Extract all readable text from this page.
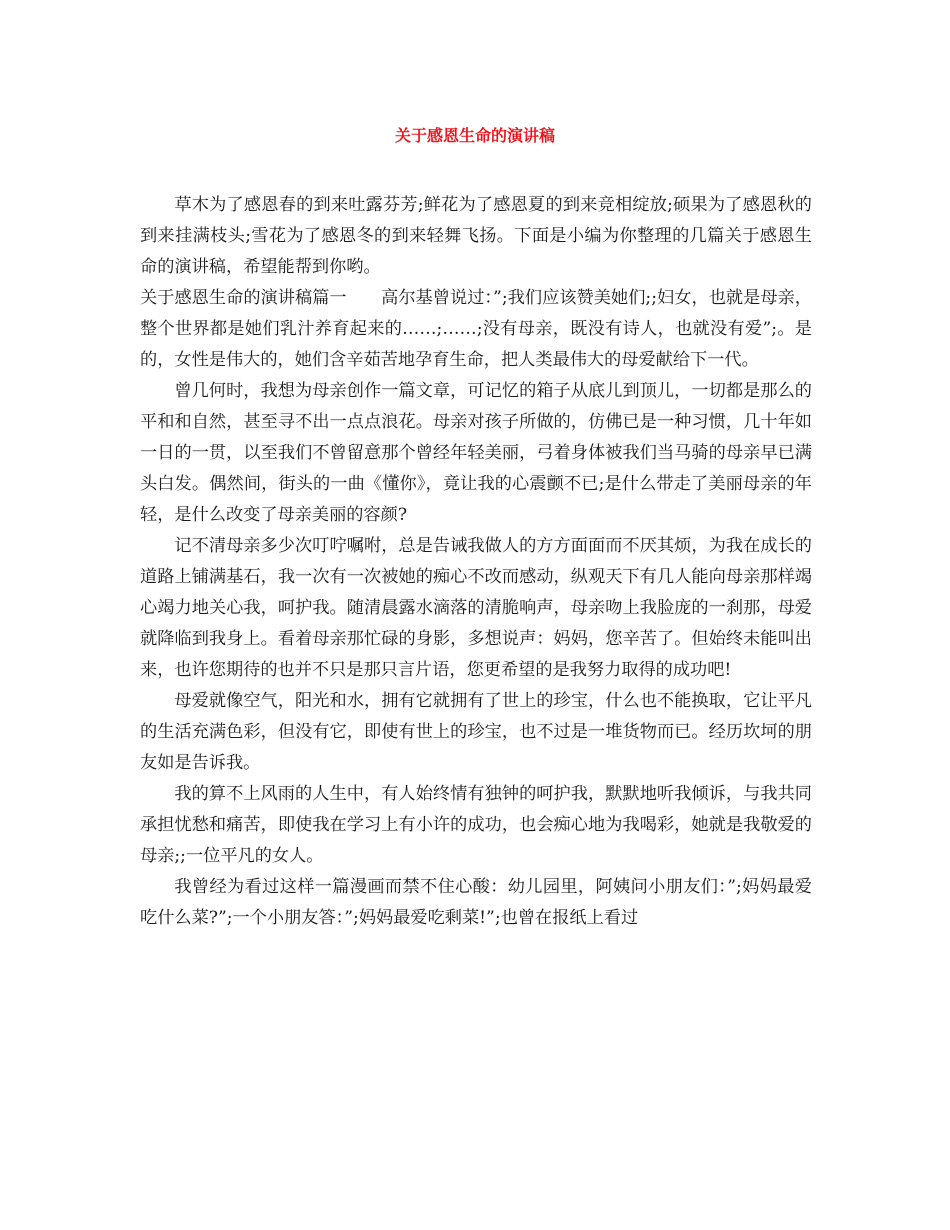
关于感恩生命的演讲稿

草木为了感恩春的到来吐露芬芳;鲜花为了感恩夏的到来竞相绽放;硕果为了感恩秋的到来挂满枝头;雪花为了感恩冬的到来轻舞飞扬。下面是小编为你整理的几篇关于感恩生命的演讲稿，希望能帮到你哟。

关于感恩生命的演讲稿篇一　　高尔基曾说过：”;我们应该赞美她们;;妇女，也就是母亲，整个世界都是她们乳汁养育起来的……;……;没有母亲，既没有诗人，也就没有爱”;。是的，女性是伟大的，她们含辛茹苦地孕育生命，把人类最伟大的母爱献给下一代。

曾几何时，我想为母亲创作一篇文章，可记忆的箱子从底儿到顶儿，一切都是那么的平和和自然，甚至寻不出一点点浪花。母亲对孩子所做的，仿佛已是一种习惯，几十年如一日的一贯，以至我们不曾留意那个曾经年轻美丽，弓着身体被我们当马骑的母亲早已满头白发。偶然间，街头的一曲《懂你》，竟让我的心震颤不已;是什么带走了美丽母亲的年轻，是什么改变了母亲美丽的容颜?

记不清母亲多少次叮咛嘱咐，总是告诫我做人的方方面面而不厌其烦，为我在成长的道路上铺满基石，我一次有一次被她的痴心不改而感动，纵观天下有几人能向母亲那样竭心竭力地关心我，呵护我。随清晨露水滴落的清脆响声，母亲吻上我脸庞的一刹那，母爱就降临到我身上。看着母亲那忙碌的身影，多想说声：妈妈，您辛苦了。但始终未能叫出来，也许您期待的也并不只是那只言片语，您更希望的是我努力取得的成功吧!

母爱就像空气，阳光和水，拥有它就拥有了世上的珍宝，什么也不能换取，它让平凡的生活充满色彩，但没有它，即使有世上的珍宝，也不过是一堆货物而已。经历坎坷的朋友如是告诉我。

我的算不上风雨的人生中，有人始终情有独钟的呵护我，默默地听我倾诉，与我共同承担忧愁和痛苦，即使我在学习上有小许的成功，也会痴心地为我喝彩，她就是我敬爱的母亲;;一位平凡的女人。

我曾经为看过这样一篇漫画而禁不住心酸：幼儿园里，阿姨问小朋友们：”;妈妈最爱吃什么菜?”;一个小朋友答：”;妈妈最爱吃剩菜!”;也曾在报纸上看过
